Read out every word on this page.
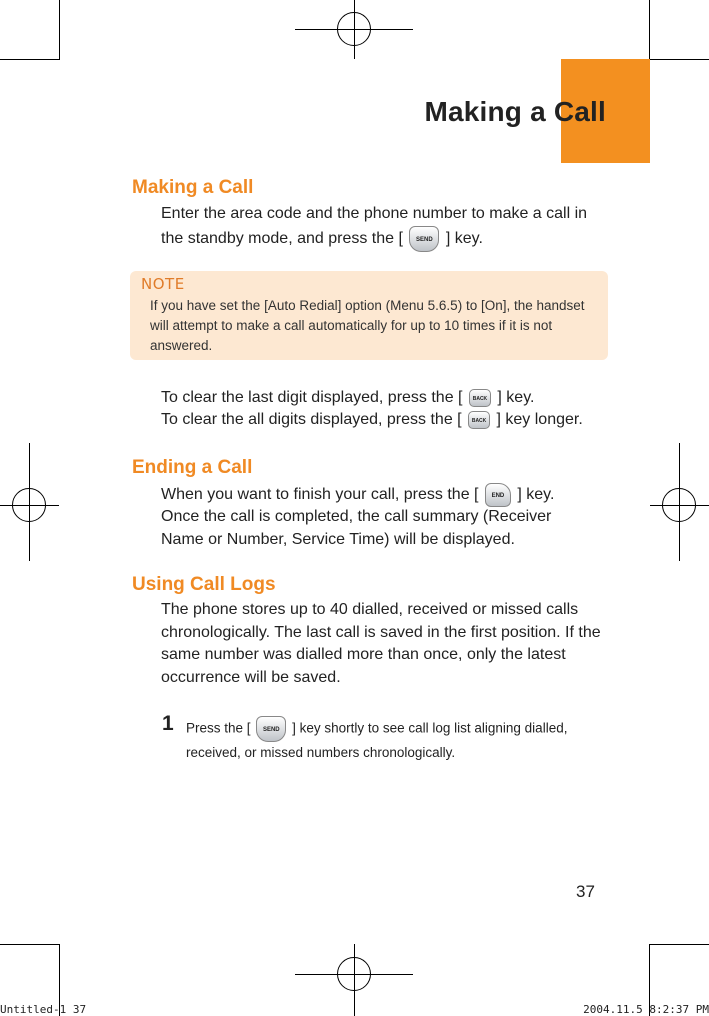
Making a Call
Making a Call
Enter the area code and the phone number to make a call in the standby mode, and press the [ SEND ] key.
NOTE
If you have set the [Auto Redial] option (Menu 5.6.5) to [On], the handset will attempt to make a call automatically for up to 10 times if it is not answered.
To clear the last digit displayed, press the [ BACK ] key.
To clear the all digits displayed, press the [ BACK ] key longer.
Ending a Call
When you want to finish your call, press the [ END ] key.
Once the call is completed, the call summary (Receiver Name or Number, Service Time) will be displayed.
Using Call Logs
The phone stores up to 40 dialled, received or missed calls chronologically. The last call is saved in the first position. If the same number was dialled more than once, only the latest occurrence will be saved.
1 Press the [ SEND ] key shortly to see call log list aligning dialled, received, or missed numbers chronologically.
37
Untitled-1 37	2004.11.5 8:2:37 PM
